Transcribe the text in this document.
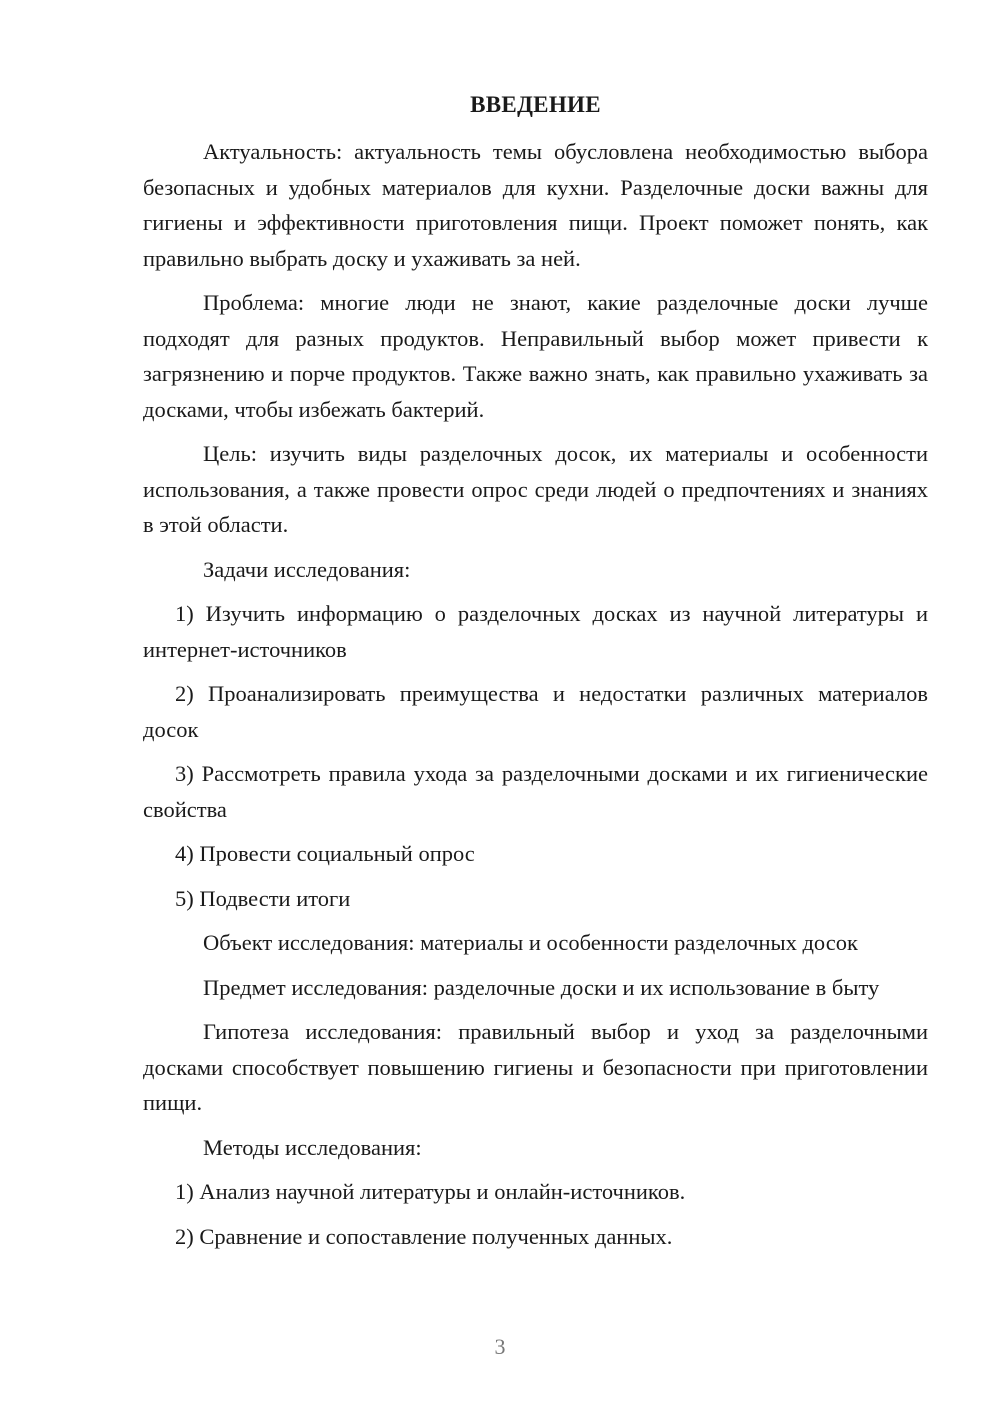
ВВЕДЕНИЕ

Актуальность: актуальность темы обусловлена необходимостью выбора безопасных и удобных материалов для кухни. Разделочные доски важны для гигиены и эффективности приготовления пищи. Проект поможет понять, как правильно выбрать доску и ухаживать за ней.

Проблема: многие люди не знают, какие разделочные доски лучше подходят для разных продуктов. Неправильный выбор может привести к загрязнению и порче продуктов. Также важно знать, как правильно ухаживать за досками, чтобы избежать бактерий.

Цель: изучить виды разделочных досок, их материалы и особенности использования, а также провести опрос среди людей о предпочтениях и знаниях в этой области.

Задачи исследования:

1) Изучить информацию о разделочных досках из научной литературы и интернет-источников

2) Проанализировать преимущества и недостатки различных материалов досок

3) Рассмотреть правила ухода за разделочными досками и их гигиенические свойства

4) Провести социальный опрос

5) Подвести итоги

Объект исследования: материалы и особенности разделочных досок

Предмет исследования: разделочные доски и их использование в быту

Гипотеза исследования: правильный выбор и уход за разделочными досками способствует повышению гигиены и безопасности при приготовлении пищи.

Методы исследования:

1) Анализ научной литературы и онлайн-источников.

2) Сравнение и сопоставление полученных данных.

3
